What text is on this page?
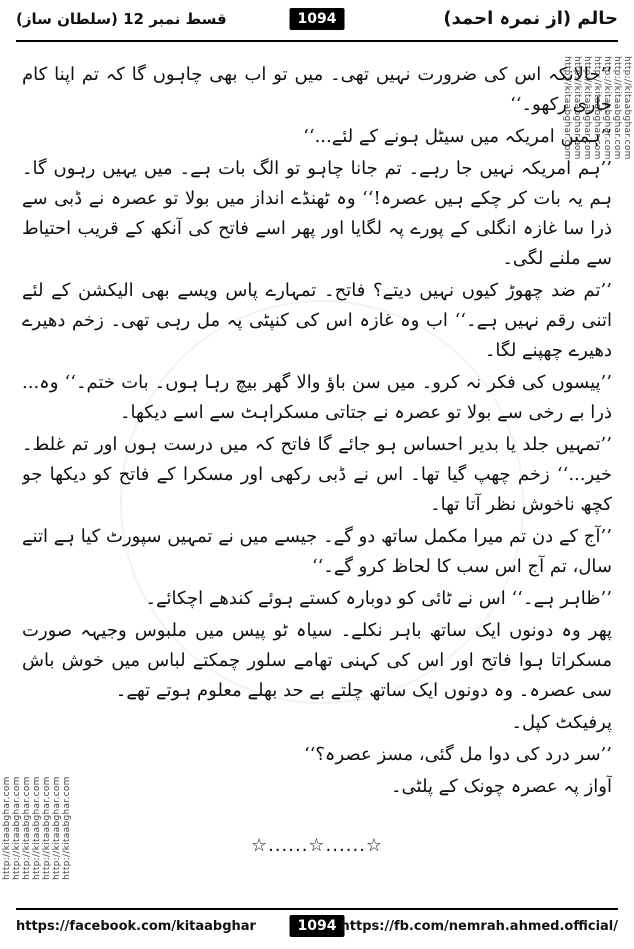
قسط نمبر 12 (سلطان ساز)	1094	حالم (از نمرہ احمد)
http://kitaabghar.com http://kitaabghar.com http://kitaabghar.com http://kitaabghar.com http://kitaabghar.com http://kitaabghar.com http://kitaabghar.com
http://kitaabghar.com
http://kitaabghar.com
http://kitaabghar.com
http://kitaabghar.com
http://kitaabghar.com
http://kitaabghar.com
http://kitaabghar.com

’’حالانکہ اس کی ضرورت نہیں تھی۔ میں تو اب بھی چاہوں گا کہ تم اپنا کام جاری رکھو۔‘‘

’’ہمیں امریکہ میں سیٹل ہونے کے لئے...‘‘

’’ہم امریکہ نہیں جا رہے۔ تم جانا چاہو تو الگ بات ہے۔ میں یہیں رہوں گا۔ ہم یہ بات کر چکے ہیں عصرہ!‘‘ وہ ٹھنڈے انداز میں بولا تو عصرہ نے ڈبی سے ذرا سا غازہ انگلی کے پورے پہ لگایا اور پھر اسے فاتح کی آنکھ کے قریب احتیاط سے ملنے لگی۔

’’تم ضد چھوڑ کیوں نہیں دیتے؟ فاتح۔ تمہارے پاس ویسے بھی الیکشن کے لئے اتنی رقم نہیں ہے۔‘‘ اب وہ غازہ اس کی کنپٹی پہ مل رہی تھی۔ زخم دھیرے دھیرے چھپنے لگا۔

’’پیسوں کی فکر نہ کرو۔ میں سن باؤ والا گھر بیچ رہا ہوں۔ بات ختم۔‘‘ وہ... ذرا بے رخی سے بولا تو عصرہ نے جتاتی مسکراہٹ سے اسے دیکھا۔

’’تمہیں جلد یا بدیر احساس ہو جائے گا فاتح کہ میں درست ہوں اور تم غلط۔ خیر...‘‘ زخم چھپ گیا تھا۔ اس نے ڈبی رکھی اور مسکرا کے فاتح کو دیکھا جو کچھ ناخوش نظر آتا تھا۔

’’آج کے دن تم میرا مکمل ساتھ دو گے۔ جیسے میں نے تمہیں سپورٹ کیا ہے اتنے سال، تم آج اس سب کا لحاظ کرو گے۔‘‘

’’ظاہر ہے۔‘‘ اس نے ٹائی کو دوبارہ کستے ہوئے کندھے اچکائے۔

پھر وہ دونوں ایک ساتھ باہر نکلے۔ سیاہ ٹو پیس میں ملبوس وجیہہ صورت مسکراتا ہوا فاتح اور اس کی کہنی تھامے سلور چمکتے لباس میں خوش باش سی عصرہ۔ وہ دونوں ایک ساتھ چلتے بے حد بھلے معلوم ہوتے تھے۔

پرفیکٹ کپل۔

’’سر درد کی دوا مل گئی، مسز عصرہ؟‘‘

آواز پہ عصرہ چونک کے پلٹی۔

☆......☆......☆
https://facebook.com/kitaabghar	1094 https://fb.com/nemrah.ahmed.official/
